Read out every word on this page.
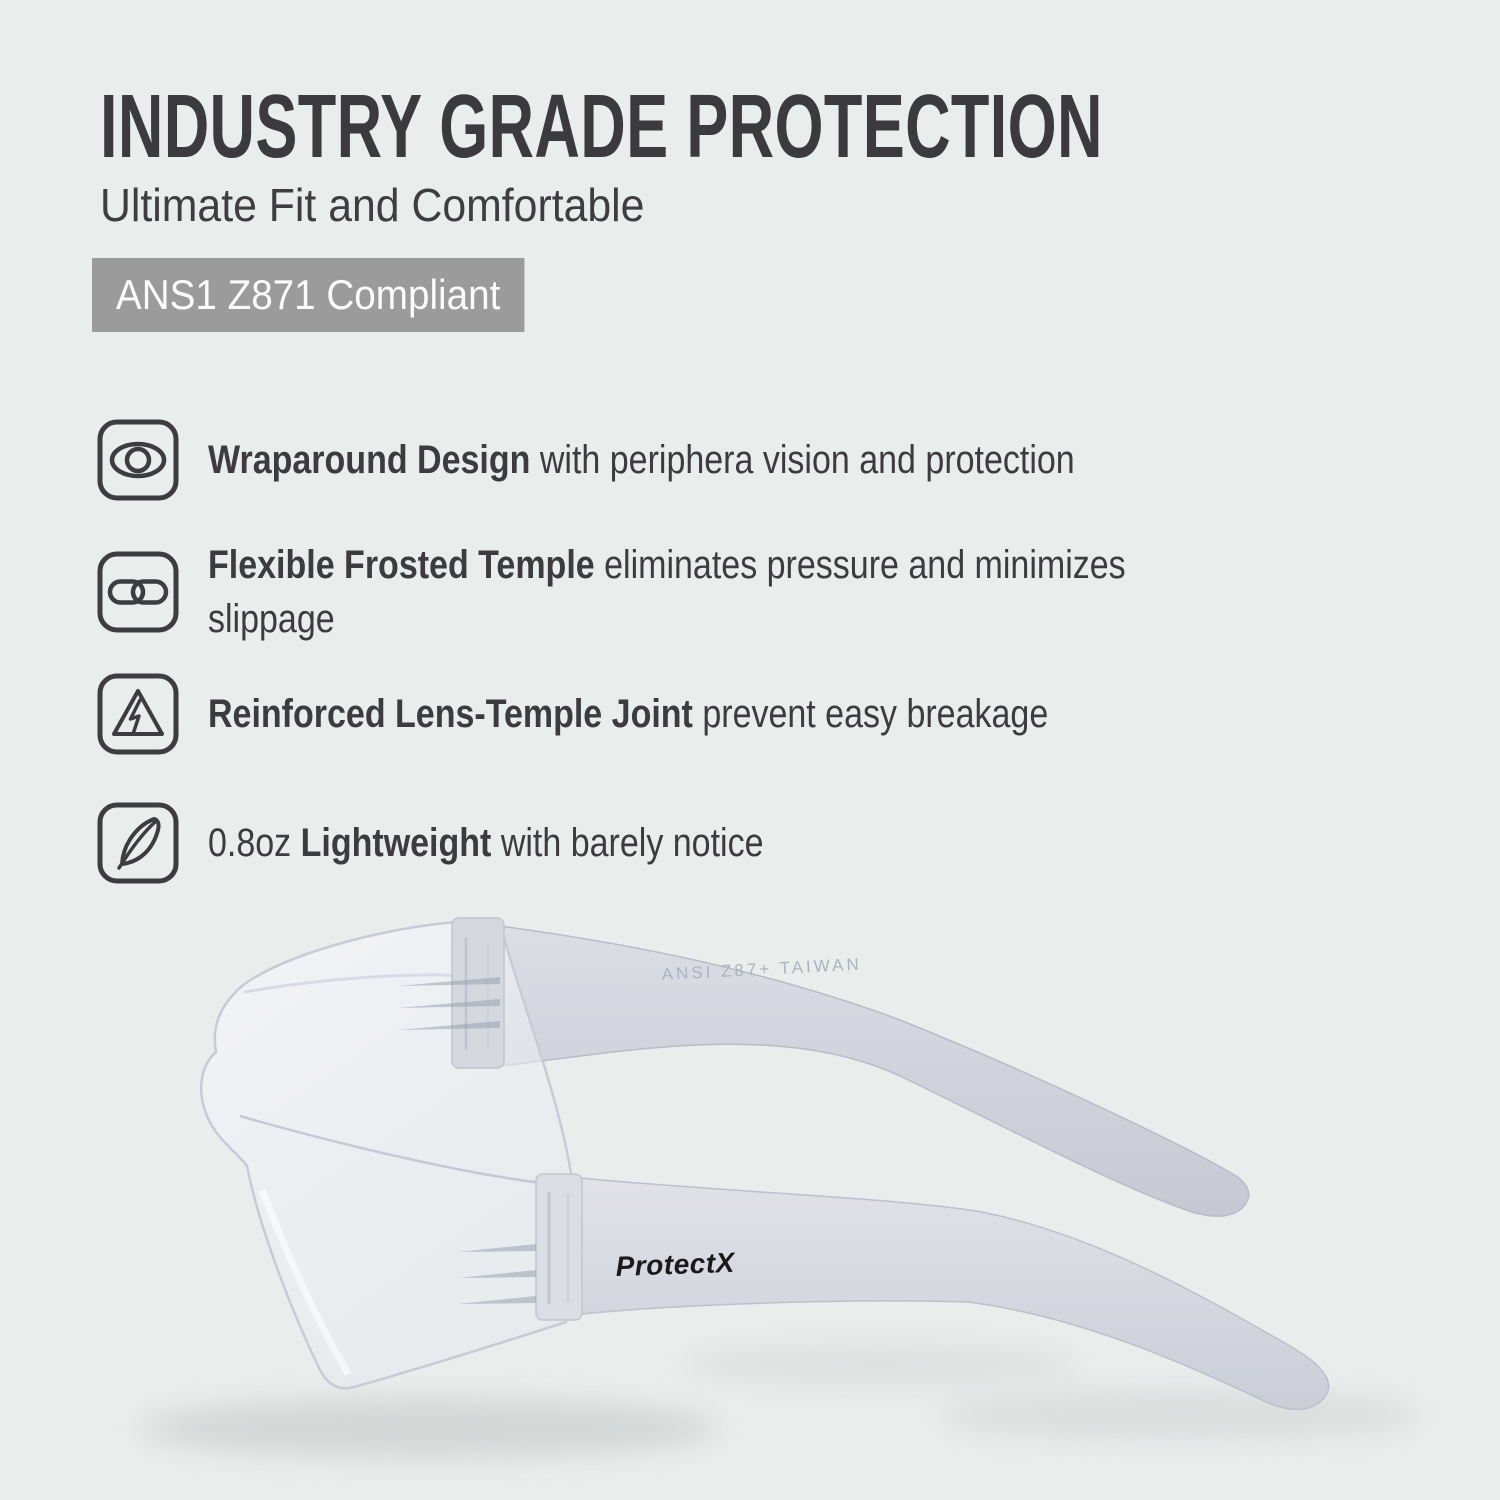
INDUSTRY GRADE PROTECTION
Ultimate Fit and Comfortable
ANS1 Z871 Compliant
Wraparound Design with periphera vision and protection
Flexible Frosted Temple eliminates pressure and minimizes slippage
Reinforced Lens-Temple Joint prevent easy breakage
0.8oz Lightweight with barely notice
ANSI Z87+ TAIWAN
ProtectX
